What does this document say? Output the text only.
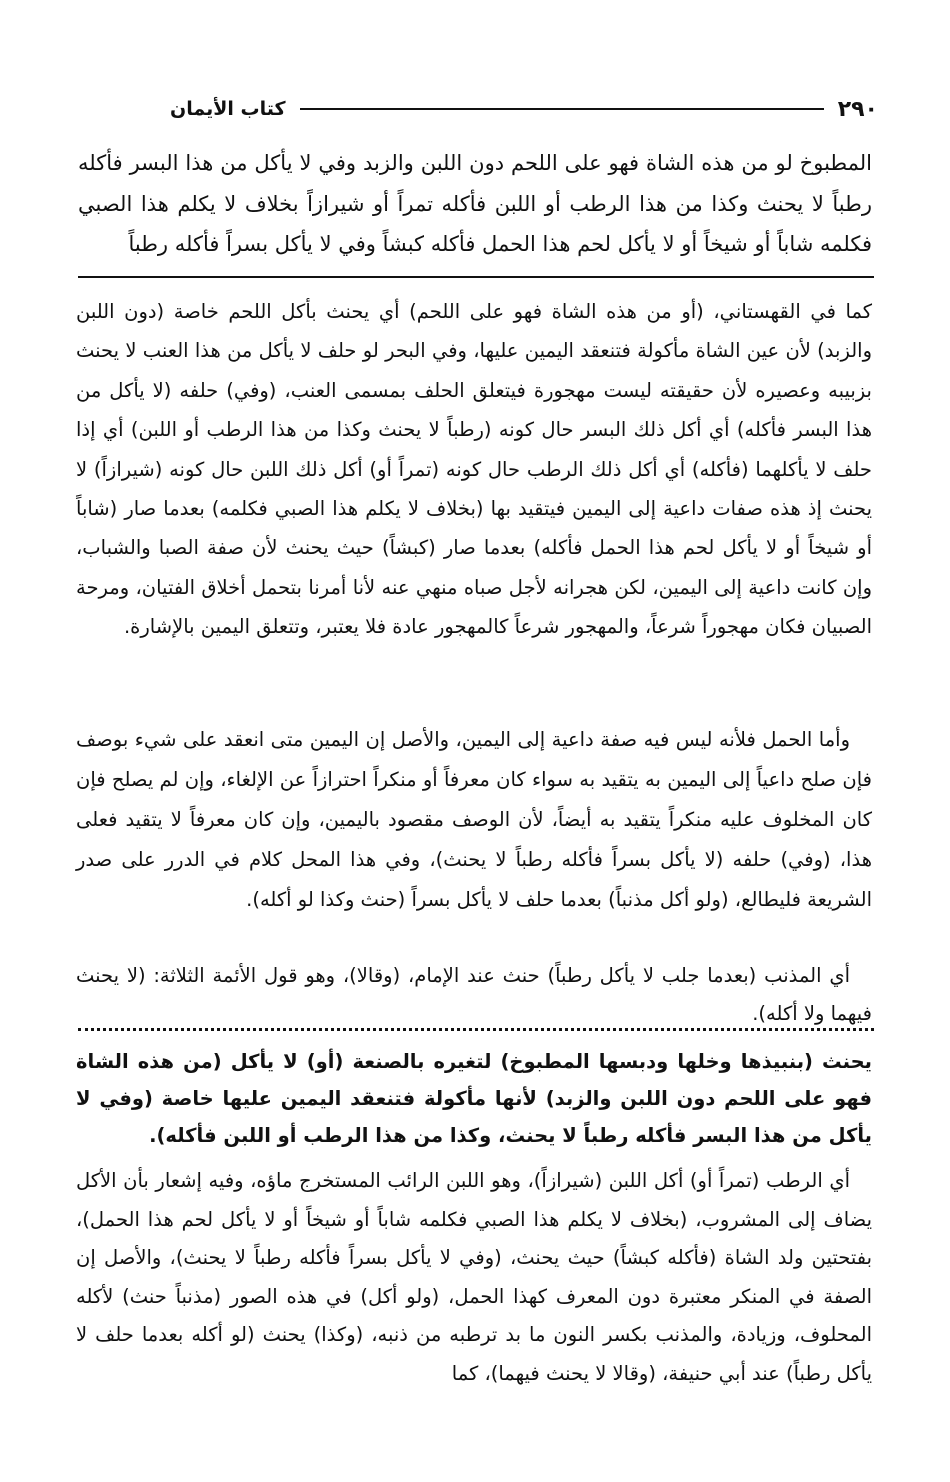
٢٩٠
كتاب الأيمان
المطبوخ لو من هذه الشاة فهو على اللحم دون اللبن والزبد وفي لا يأكل من هذا البسر فأكله رطباً لا يحنث وكذا من هذا الرطب أو اللبن فأكله تمراً أو شيرازاً بخلاف لا يكلم هذا الصبي فكلمه شاباً أو شيخاً أو لا يأكل لحم هذا الحمل فأكله كبشاً وفي لا يأكل بسراً فأكله رطباً

كما في القهستاني، (أو من هذه الشاة فهو على اللحم) أي يحنث بأكل اللحم خاصة (دون اللبن والزبد) لأن عين الشاة مأكولة فتنعقد اليمين عليها، وفي البحر لو حلف لا يأكل من هذا العنب لا يحنث بزبيبه وعصيره لأن حقيقته ليست مهجورة فيتعلق الحلف بمسمى العنب، (وفي) حلفه (لا يأكل من هذا البسر فأكله) أي أكل ذلك البسر حال كونه (رطباً لا يحنث وكذا من هذا الرطب أو اللبن) أي إذا حلف لا يأكلهما (فأكله) أي أكل ذلك الرطب حال كونه (تمراً أو) أكل ذلك اللبن حال كونه (شيرازاً) لا يحنث إذ هذه صفات داعية إلى اليمين فيتقيد بها (بخلاف لا يكلم هذا الصبي فكلمه) بعدما صار (شاباً أو شيخاً أو لا يأكل لحم هذا الحمل فأكله) بعدما صار (كبشاً) حيث يحنث لأن صفة الصبا والشباب، وإن كانت داعية إلى اليمين، لكن هجرانه لأجل صباه منهي عنه لأنا أمرنا بتحمل أخلاق الفتيان، ومرحة الصبيان فكان مهجوراً شرعاً، والمهجور شرعاً كالمهجور عادة فلا يعتبر، وتتعلق اليمين بالإشارة.

وأما الحمل فلأنه ليس فيه صفة داعية إلى اليمين، والأصل إن اليمين متى انعقد على شيء بوصف فإن صلح داعياً إلى اليمين به يتقيد به سواء كان معرفاً أو منكراً احترازاً عن الإلغاء، وإن لم يصلح فإن كان المخلوف عليه منكراً يتقيد به أيضاً، لأن الوصف مقصود باليمين، وإن كان معرفاً لا يتقيد فعلى هذا، (وفي) حلفه (لا يأكل بسراً فأكله رطباً لا يحنث)، وفي هذا المحل كلام في الدرر على صدر الشريعة فليطالع، (ولو أكل مذنباً) بعدما حلف لا يأكل بسراً (حنث وكذا لو أكله).

أي المذنب (بعدما جلب لا يأكل رطباً) حنث عند الإمام، (وقالا)، وهو قول الأئمة الثلاثة: (لا يحنث فيهما ولا أكله).

يحنث (بنبيذها وخلها ودبسها المطبوخ) لتغيره بالصنعة (أو) لا يأكل (من هذه الشاة فهو على اللحم دون اللبن والزبد) لأنها مأكولة فتنعقد اليمين عليها خاصة (وفي لا يأكل من هذا البسر فأكله رطباً لا يحنث، وكذا من هذا الرطب أو اللبن فأكله).

أي الرطب (تمراً أو) أكل اللبن (شيرازاً)، وهو اللبن الرائب المستخرج ماؤه، وفيه إشعار بأن الأكل يضاف إلى المشروب، (بخلاف لا يكلم هذا الصبي فكلمه شاباً أو شيخاً أو لا يأكل لحم هذا الحمل)، بفتحتين ولد الشاة (فأكله كبشاً) حيث يحنث، (وفي لا يأكل بسراً فأكله رطباً لا يحنث)، والأصل إن الصفة في المنكر معتبرة دون المعرف كهذا الحمل، (ولو أكل) في هذه الصور (مذنباً حنث) لأكله المحلوف، وزيادة، والمذنب بكسر النون ما بد ترطبه من ذنبه، (وكذا) يحنث (لو أكله بعدما حلف لا يأكل رطباً) عند أبي حنيفة، (وقالا لا يحنث فيهما)، كما
